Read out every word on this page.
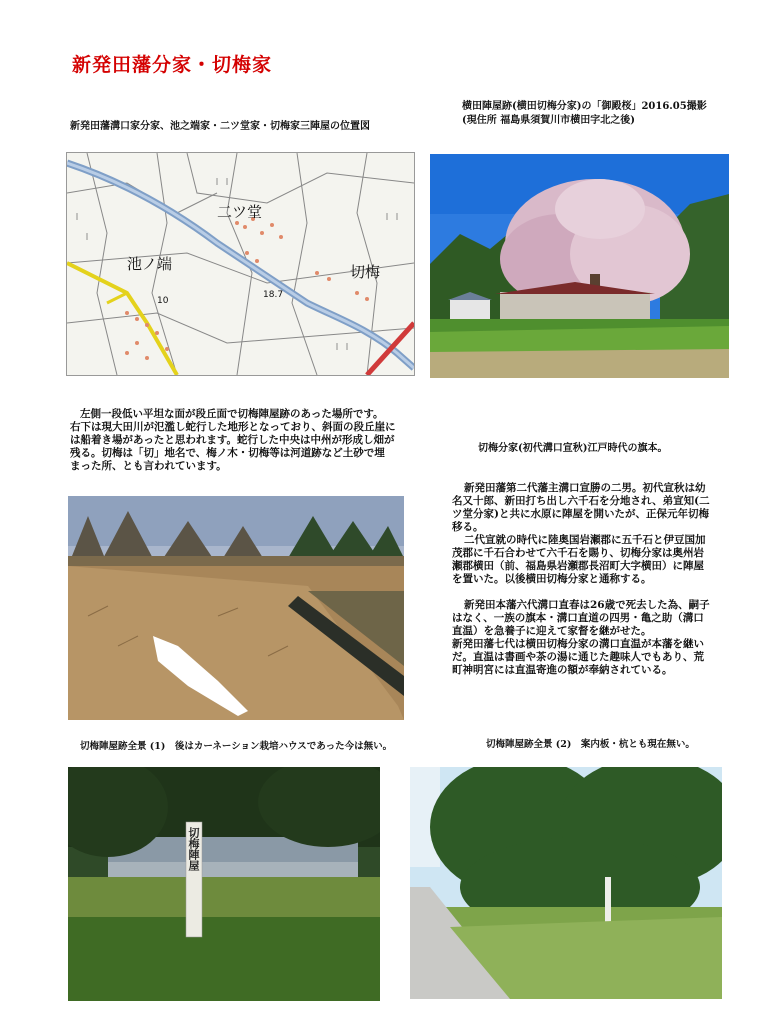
新発田藩分家・切梅家
新発田藩溝口家分家、池之端家・二ツ堂家・切梅家三陣屋の位置図
二ツ堂
池ノ端	切梅
10
18.7
横田陣屋跡(横田切梅分家)の「御殿桜」2016.05撮影
(現住所 福島県須賀川市横田字北之後)
左側一段低い平坦な面が段丘面で切梅陣屋跡のあった場所です。
右下は現大田川が氾濫し蛇行した地形となっており、斜面の段丘崖に
は船着き場があったと思われます。蛇行した中央は中州が形成し畑が
残る。切梅は「切」地名で、梅ノ木・切梅等は河道跡など土砂で埋
まった所、とも言われています。
切梅分家(初代溝口宣秋)江戸時代の旗本。
新発田藩第二代藩主溝口宣勝の二男。初代宣秋は幼
名又十郎、新田打ち出し六千石を分地され、弟宣知(二
ツ堂分家)と共に水原に陣屋を開いたが、正保元年切梅
移る。
二代宣就の時代に陸奥国岩瀬郡に五千石と伊豆国加
茂郡に千石合わせて六千石を賜り、切梅分家は奥州岩
瀬郡横田（前、福島県岩瀬郡長沼町大字横田）に陣屋
を置いた。以後横田切梅分家と通称する。
新発田本藩六代溝口直春は26歳で死去した為、嗣子
はなく、一族の旗本・溝口直道の四男・亀之助（溝口
直温）を急養子に迎えて家督を継がせた。
新発田藩七代は横田切梅分家の溝口直温が本藩を継い
だ。直温は書画や茶の湯に通じた趣味人でもあり、荒
町神明宮には直温寄進の額が奉納されている。
切梅陣屋跡全景 (1)　後はカーネーション栽培ハウスであった今は無い。	切梅陣屋跡全景 (2)　案内板・杭とも現在無い。
切梅陣屋
